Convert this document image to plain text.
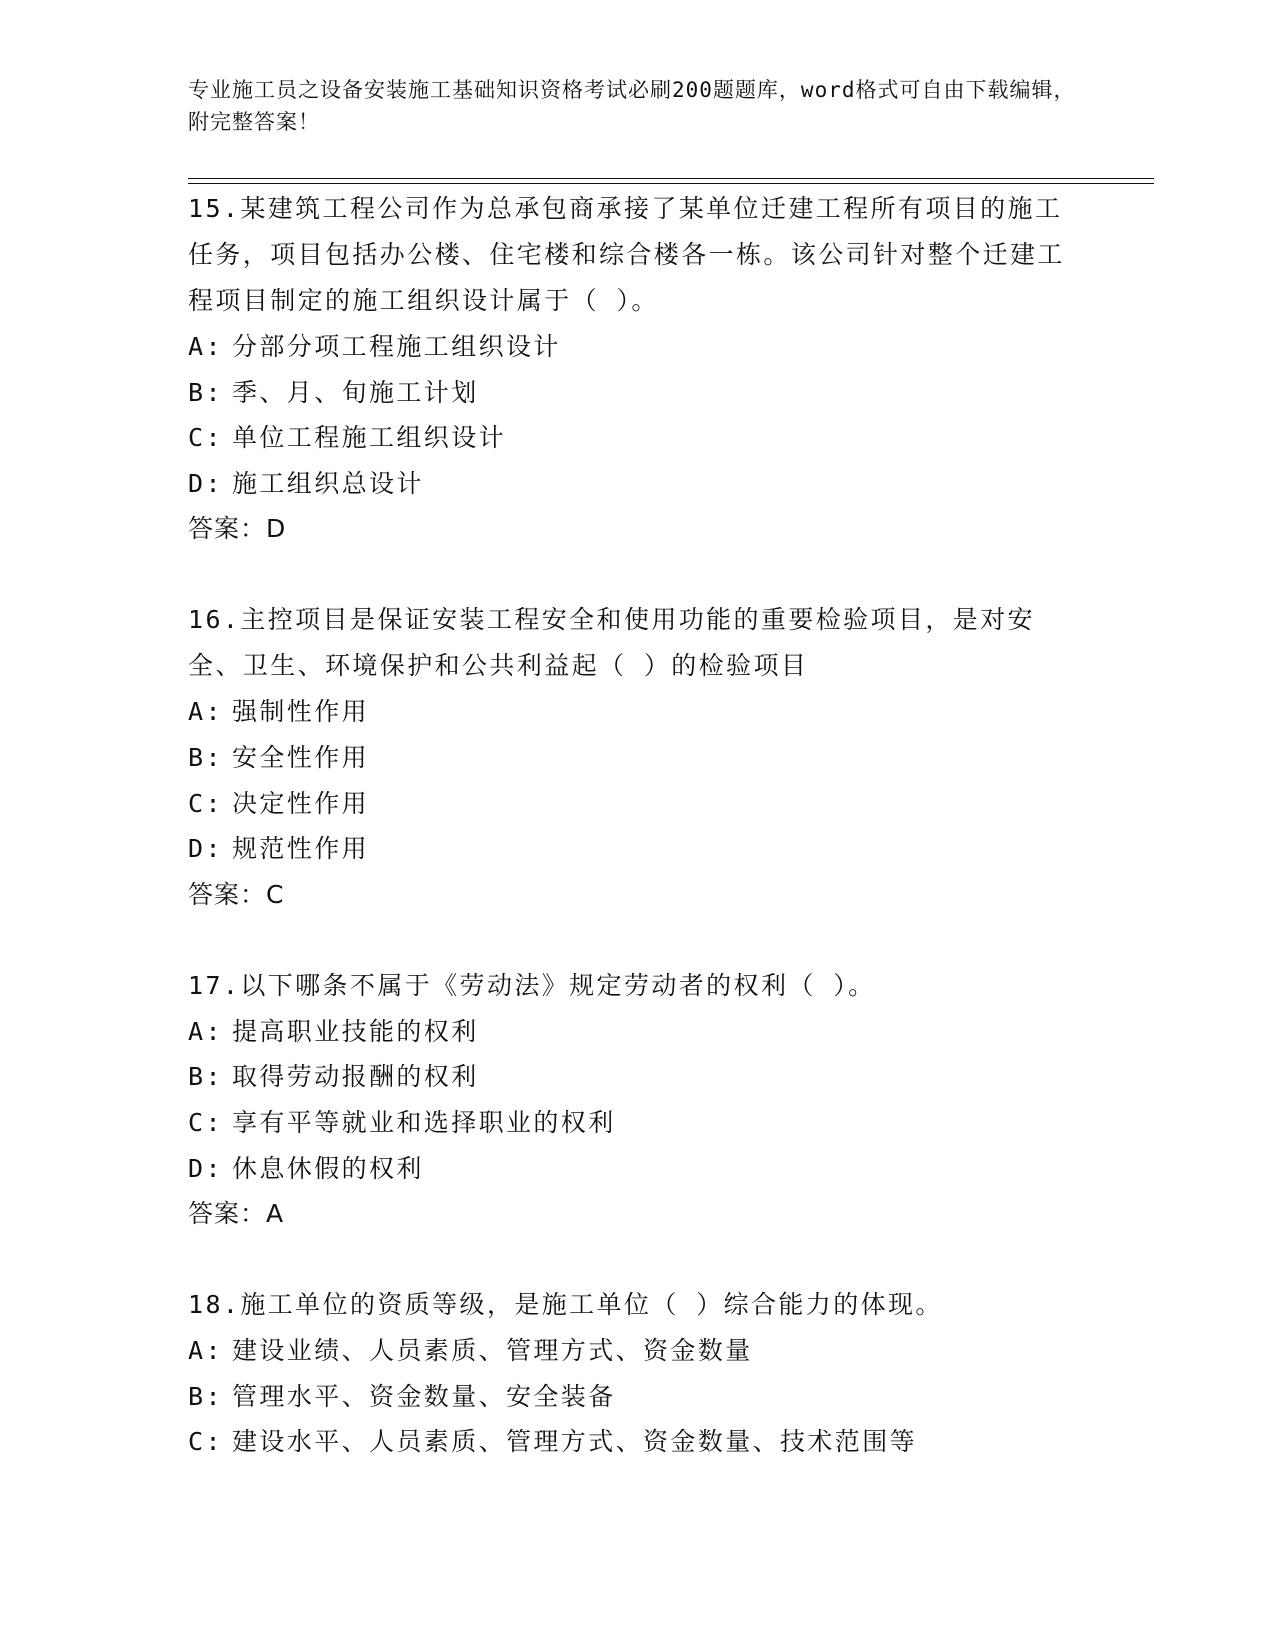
专业施工员之设备安装施工基础知识资格考试必刷200题题库，word格式可自由下载编辑，附完整答案！
15.某建筑工程公司作为总承包商承接了某单位迁建工程所有项目的施工任务，项目包括办公楼、住宅楼和综合楼各一栋。该公司针对整个迁建工程项目制定的施工组织设计属于（ ）。
A: 分部分项工程施工组织设计
B: 季、月、旬施工计划
C: 单位工程施工组织设计
D: 施工组织总设计
答案：D
16.主控项目是保证安装工程安全和使用功能的重要检验项目，是对安全、卫生、环境保护和公共利益起（ ）的检验项目
A: 强制性作用
B: 安全性作用
C: 决定性作用
D: 规范性作用
答案：C
17.以下哪条不属于《劳动法》规定劳动者的权利（ ）。
A: 提高职业技能的权利
B: 取得劳动报酬的权利
C: 享有平等就业和选择职业的权利
D: 休息休假的权利
答案：A
18.施工单位的资质等级，是施工单位（ ）综合能力的体现。
A: 建设业绩、人员素质、管理方式、资金数量
B: 管理水平、资金数量、安全装备
C: 建设水平、人员素质、管理方式、资金数量、技术范围等
